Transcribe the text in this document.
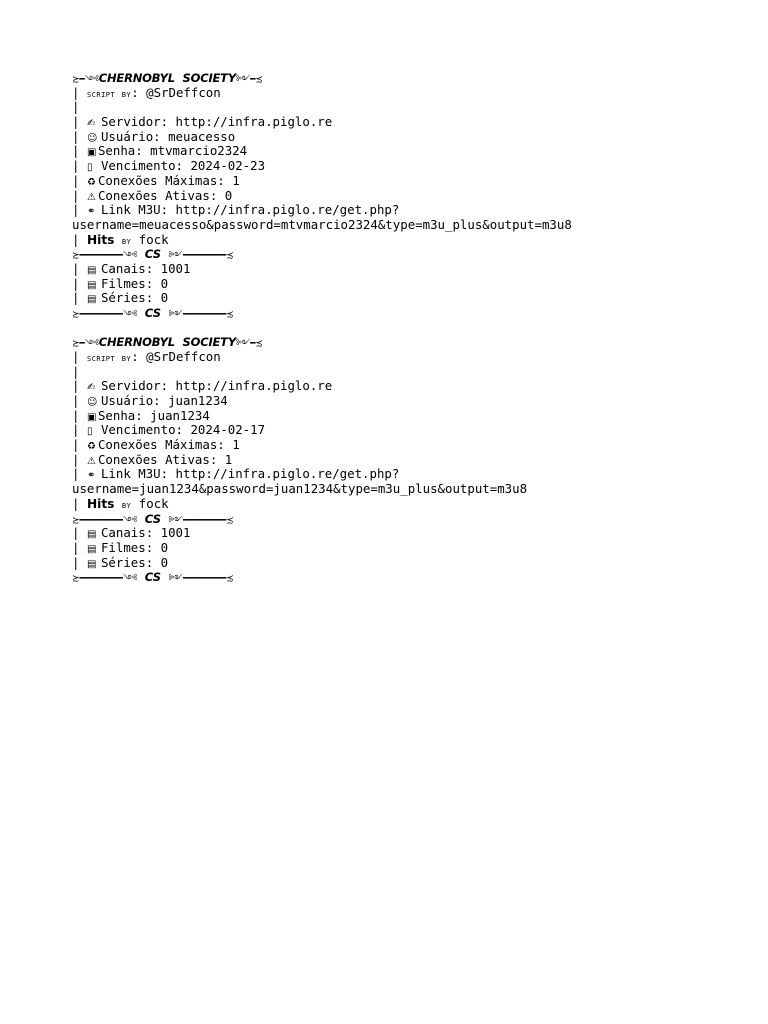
≿━༺CHERNOBYL  SOCIETY༻━≾
| script by: @SrDeffcon
|
| ✍ Servidor: http://infra.piglo.re
| ☺ Usuário: meuacesso
| ▣ Senha: mtvmarcio2324
| ▯ Vencimento: 2024-02-23
| ♻ Conexões Máximas: 1
| ⚠ Conexões Ativas: 0
| ⚭ Link M3U: http://infra.piglo.re/get.php?
username=meuacesso&password=mtvmarcio2324&type=m3u_plus&output=m3u8
| Hits by fock
≿━━━━━━━━༺ CS ༻━━━━━━━━≾
| ▤ Canais: 1001
| ▤ Filmes: 0
| ▤ Séries: 0
≿━━━━━━━━༺ CS ༻━━━━━━━━≾
≿━༺CHERNOBYL  SOCIETY༻━≾
| script by: @SrDeffcon
|
| ✍ Servidor: http://infra.piglo.re
| ☺ Usuário: juan1234
| ▣ Senha: juan1234
| ▯ Vencimento: 2024-02-17
| ♻ Conexões Máximas: 1
| ⚠ Conexões Ativas: 1
| ⚭ Link M3U: http://infra.piglo.re/get.php?
username=juan1234&password=juan1234&type=m3u_plus&output=m3u8
| Hits by fock
≿━━━━━━━━༺ CS ༻━━━━━━━━≾
| ▤ Canais: 1001
| ▤ Filmes: 0
| ▤ Séries: 0
≿━━━━━━━━༺ CS ༻━━━━━━━━≾
